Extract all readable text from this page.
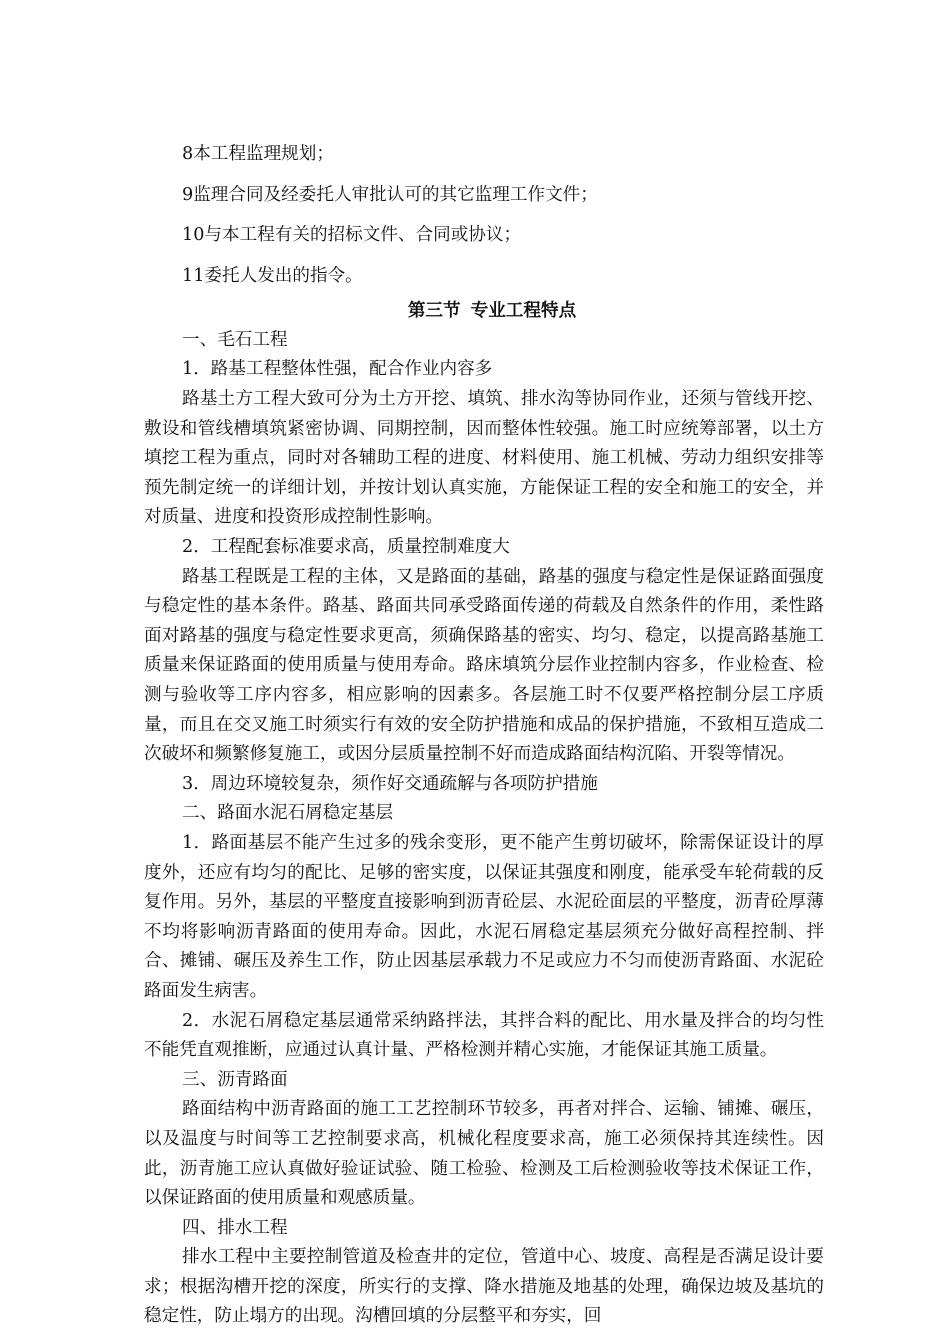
8本工程监理规划；

9监理合同及经委托人审批认可的其它监理工作文件；

10与本工程有关的招标文件、合同或协议；

11委托人发出的指令。

第三节 专业工程特点

一、毛石工程

1．路基工程整体性强，配合作业内容多

路基土方工程大致可分为土方开挖、填筑、排水沟等协同作业，还须与管线开挖、敷设和管线槽填筑紧密协调、同期控制，因而整体性较强。施工时应统筹部署，以土方填挖工程为重点，同时对各辅助工程的进度、材料使用、施工机械、劳动力组织安排等预先制定统一的详细计划，并按计划认真实施，方能保证工程的安全和施工的安全，并对质量、进度和投资形成控制性影响。

2．工程配套标准要求高，质量控制难度大

路基工程既是工程的主体，又是路面的基础，路基的强度与稳定性是保证路面强度与稳定性的基本条件。路基、路面共同承受路面传递的荷载及自然条件的作用，柔性路面对路基的强度与稳定性要求更高，须确保路基的密实、均匀、稳定，以提高路基施工质量来保证路面的使用质量与使用寿命。路床填筑分层作业控制内容多，作业检查、检测与验收等工序内容多，相应影响的因素多。各层施工时不仅要严格控制分层工序质量，而且在交叉施工时须实行有效的安全防护措施和成品的保护措施，不致相互造成二次破坏和频繁修复施工，或因分层质量控制不好而造成路面结构沉陷、开裂等情况。

3．周边环境较复杂，须作好交通疏解与各项防护措施

二、路面水泥石屑稳定基层

1．路面基层不能产生过多的残余变形，更不能产生剪切破坏，除需保证设计的厚度外，还应有均匀的配比、足够的密实度，以保证其强度和刚度，能承受车轮荷载的反复作用。另外，基层的平整度直接影响到沥青砼层、水泥砼面层的平整度，沥青砼厚薄不均将影响沥青路面的使用寿命。因此，水泥石屑稳定基层须充分做好高程控制、拌合、摊铺、碾压及养生工作，防止因基层承载力不足或应力不匀而使沥青路面、水泥砼路面发生病害。

2．水泥石屑稳定基层通常采纳路拌法，其拌合料的配比、用水量及拌合的均匀性不能凭直观推断，应通过认真计量、严格检测并精心实施，才能保证其施工质量。

三、沥青路面

路面结构中沥青路面的施工工艺控制环节较多，再者对拌合、运输、铺摊、碾压，以及温度与时间等工艺控制要求高，机械化程度要求高，施工必须保持其连续性。因此，沥青施工应认真做好验证试验、随工检验、检测及工后检测验收等技术保证工作，以保证路面的使用质量和观感质量。

四、排水工程

排水工程中主要控制管道及检查井的定位，管道中心、坡度、高程是否满足设计要求；根据沟槽开挖的深度，所实行的支撑、降水措施及地基的处理，确保边坡及基坑的稳定性，防止塌方的出现。沟槽回填的分层整平和夯实，回
